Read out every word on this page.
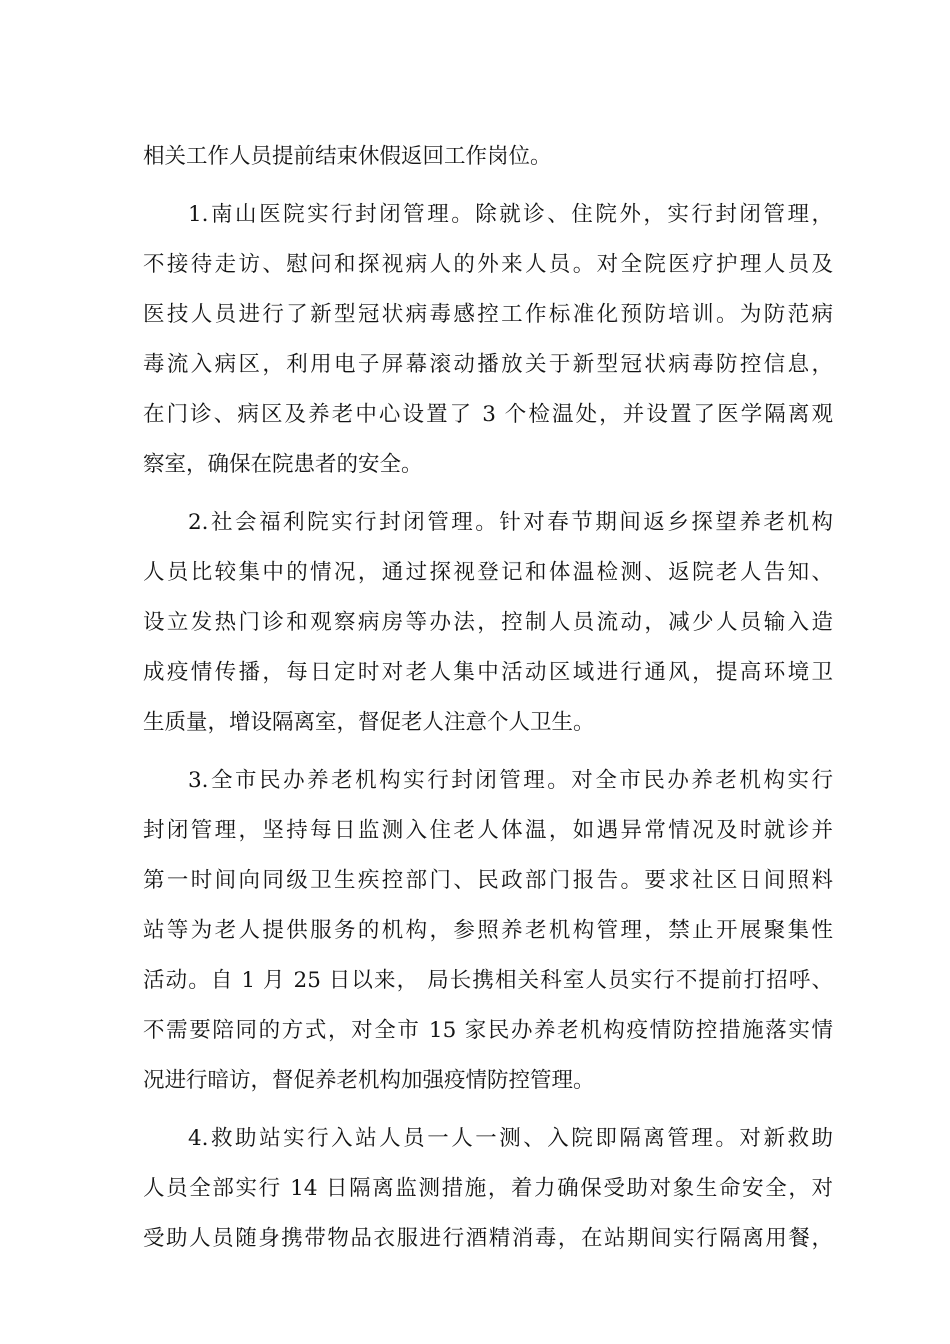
相关工作人员提前结束休假返回工作岗位。
1.南山医院实行封闭管理。除就诊、住院外，实行封闭管理，
不接待走访、慰问和探视病人的外来人员。对全院医疗护理人员及
医技人员进行了新型冠状病毒感控工作标准化预防培训。为防范病
毒流入病区，利用电子屏幕滚动播放关于新型冠状病毒防控信息，
在门诊、病区及养老中心设置了 3 个检温处，并设置了医学隔离观
察室，确保在院患者的安全。
2.社会福利院实行封闭管理。针对春节期间返乡探望养老机构
人员比较集中的情况，通过探视登记和体温检测、返院老人告知、
设立发热门诊和观察病房等办法，控制人员流动，减少人员输入造
成疫情传播，每日定时对老人集中活动区域进行通风，提高环境卫
生质量，增设隔离室，督促老人注意个人卫生。
3.全市民办养老机构实行封闭管理。对全市民办养老机构实行
封闭管理，坚持每日监测入住老人体温，如遇异常情况及时就诊并
第一时间向同级卫生疾控部门、民政部门报告。要求社区日间照料
站等为老人提供服务的机构，参照养老机构管理，禁止开展聚集性
活动。自 1 月 25 日以来， 局长携相关科室人员实行不提前打招呼、
不需要陪同的方式，对全市 15 家民办养老机构疫情防控措施落实情
况进行暗访，督促养老机构加强疫情防控管理。
4.救助站实行入站人员一人一测、入院即隔离管理。对新救助
人员全部实行 14 日隔离监测措施，着力确保受助对象生命安全，对
受助人员随身携带物品衣服进行酒精消毒，在站期间实行隔离用餐，
